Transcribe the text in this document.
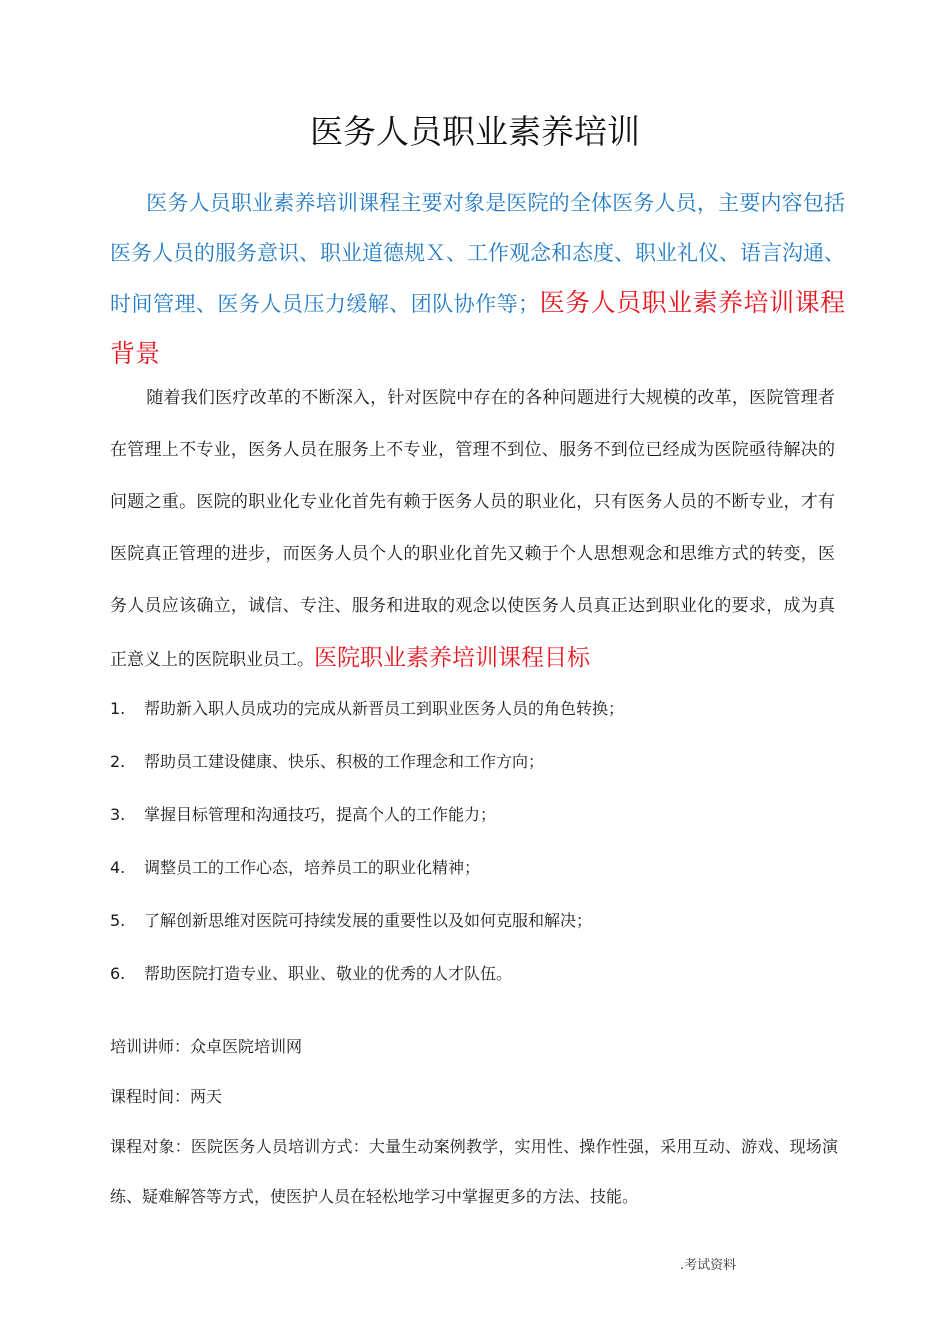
医务人员职业素养培训
医务人员职业素养培训课程主要对象是医院的全体医务人员，主要内容包括医务人员的服务意识、职业道德规Ｘ、工作观念和态度、职业礼仪、语言沟通、时间管理、医务人员压力缓解、团队协作等；医务人员职业素养培训课程背景
随着我们医疗改革的不断深入，针对医院中存在的各种问题进行大规模的改革，医院管理者在管理上不专业，医务人员在服务上不专业，管理不到位、服务不到位已经成为医院亟待解决的问题之重。医院的职业化专业化首先有赖于医务人员的职业化，只有医务人员的不断专业，才有医院真正管理的进步，而医务人员个人的职业化首先又赖于个人思想观念和思维方式的转变，医务人员应该确立，诚信、专注、服务和进取的观念以使医务人员真正达到职业化的要求，成为真正意义上的医院职业员工。医院职业素养培训课程目标
1.	帮助新入职人员成功的完成从新晋员工到职业医务人员的角色转换；
2.	帮助员工建设健康、快乐、积极的工作理念和工作方向；
3.	掌握目标管理和沟通技巧，提高个人的工作能力；
4.	调整员工的工作心态，培养员工的职业化精神；
5.	了解创新思维对医院可持续发展的重要性以及如何克服和解决；
6.	帮助医院打造专业、职业、敬业的优秀的人才队伍。
培训讲师：众卓医院培训网
课程时间：两天
课程对象：医院医务人员培训方式：大量生动案例教学，实用性、操作性强，采用互动、游戏、现场演练、疑难解答等方式，使医护人员在轻松地学习中掌握更多的方法、技能。
.考试资料
